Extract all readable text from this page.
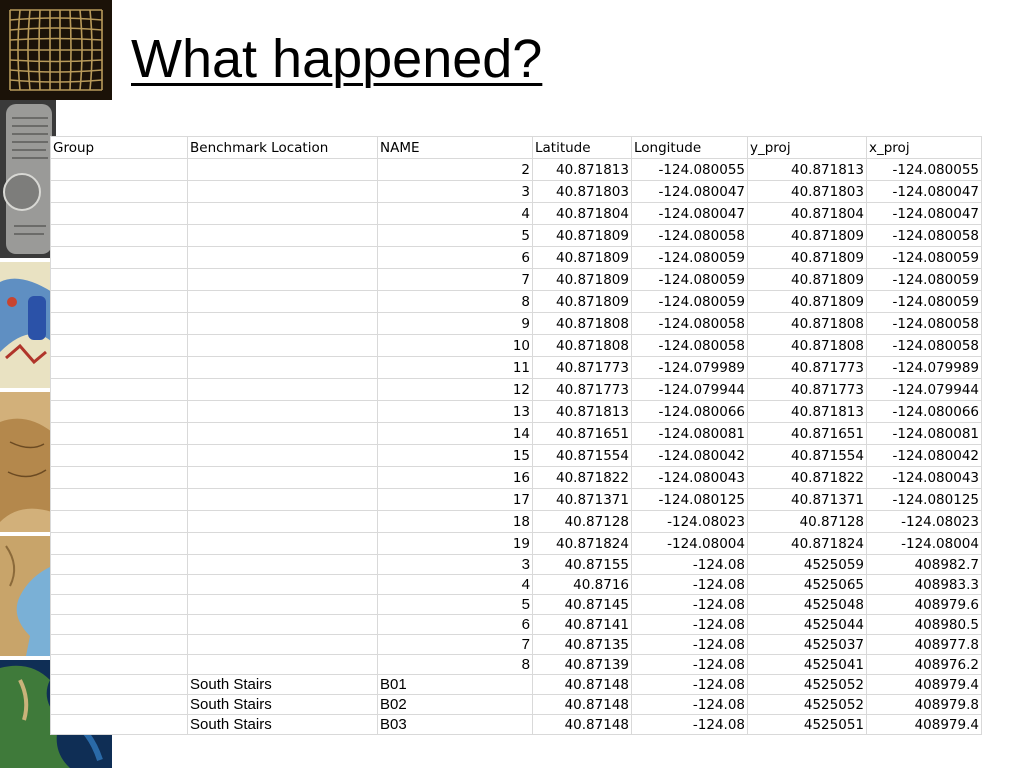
What happened?
Group	Benchmark Location	NAME	Latitude	Longitude	y_proj	x_proj
		2	40.871813	-124.080055	40.871813	-124.080055
		3	40.871803	-124.080047	40.871803	-124.080047
		4	40.871804	-124.080047	40.871804	-124.080047
		5	40.871809	-124.080058	40.871809	-124.080058
		6	40.871809	-124.080059	40.871809	-124.080059
		7	40.871809	-124.080059	40.871809	-124.080059
		8	40.871809	-124.080059	40.871809	-124.080059
		9	40.871808	-124.080058	40.871808	-124.080058
		10	40.871808	-124.080058	40.871808	-124.080058
		11	40.871773	-124.079989	40.871773	-124.079989
		12	40.871773	-124.079944	40.871773	-124.079944
		13	40.871813	-124.080066	40.871813	-124.080066
		14	40.871651	-124.080081	40.871651	-124.080081
		15	40.871554	-124.080042	40.871554	-124.080042
		16	40.871822	-124.080043	40.871822	-124.080043
		17	40.871371	-124.080125	40.871371	-124.080125
		18	40.87128	-124.08023	40.87128	-124.08023
		19	40.871824	-124.08004	40.871824	-124.08004
		3	40.87155	-124.08	4525059	408982.7
		4	40.8716	-124.08	4525065	408983.3
		5	40.87145	-124.08	4525048	408979.6
		6	40.87141	-124.08	4525044	408980.5
		7	40.87135	-124.08	4525037	408977.8
		8	40.87139	-124.08	4525041	408976.2
	South Stairs	B01	40.87148	-124.08	4525052	408979.4
	South Stairs	B02	40.87148	-124.08	4525052	408979.8
	South Stairs	B03	40.87148	-124.08	4525051	408979.4
